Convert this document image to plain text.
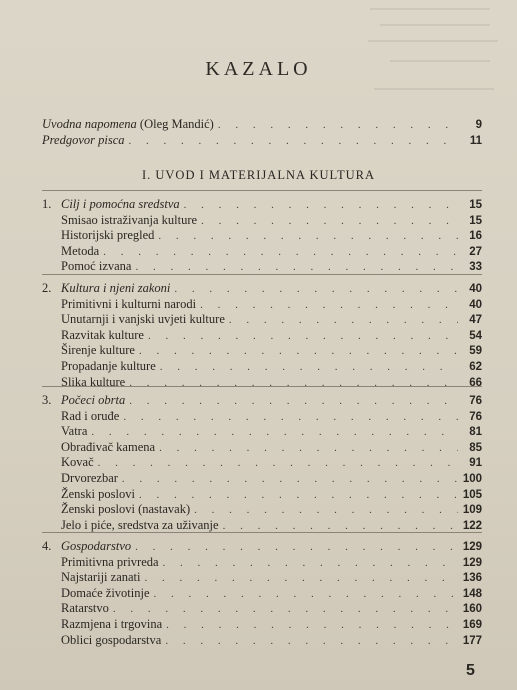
KAZALO
Uvodna napomena (Oleg Mandić) . . .	9
Predgovor pisca . . .	11
I. UVOD I MATERIJALNA KULTURA
5
1. Cilj i pomoćna sredstva . . .	15
Smisao istraživanja kulture . . .	15
Historijski pregled . . .	16
Metoda . . .	27
Pomoć izvana . . .	33
2. Kultura i njeni zakoni . . .	40
Primitivni i kulturni narodi . . .	40
Unutarnji i vanjski uvjeti kulture . . .	47
Razvitak kulture . . .	54
Širenje kulture . . .	59
Propadanje kulture . . .	62
Slika kulture . . .	66
3. Počeci obrta . . .	76
Rad i oruđe . . .	76
Vatra . . .	81
Obrađivač kamena . . .	85
Kovač . . .	91
Drvorezbar . . .	100
Ženski poslovi . . .	105
Ženski poslovi (nastavak) . . .	109
Jelo i piće, sredstva za uživanje . . .	122
4. Gospodarstvo . . .	129
Primitivna privreda . . .	129
Najstariji zanati . . .	136
Domaće životinje . . .	148
Ratarstvo . . .	160
Razmjena i trgovina . . .	169
Oblici gospodarstva . . .	177
